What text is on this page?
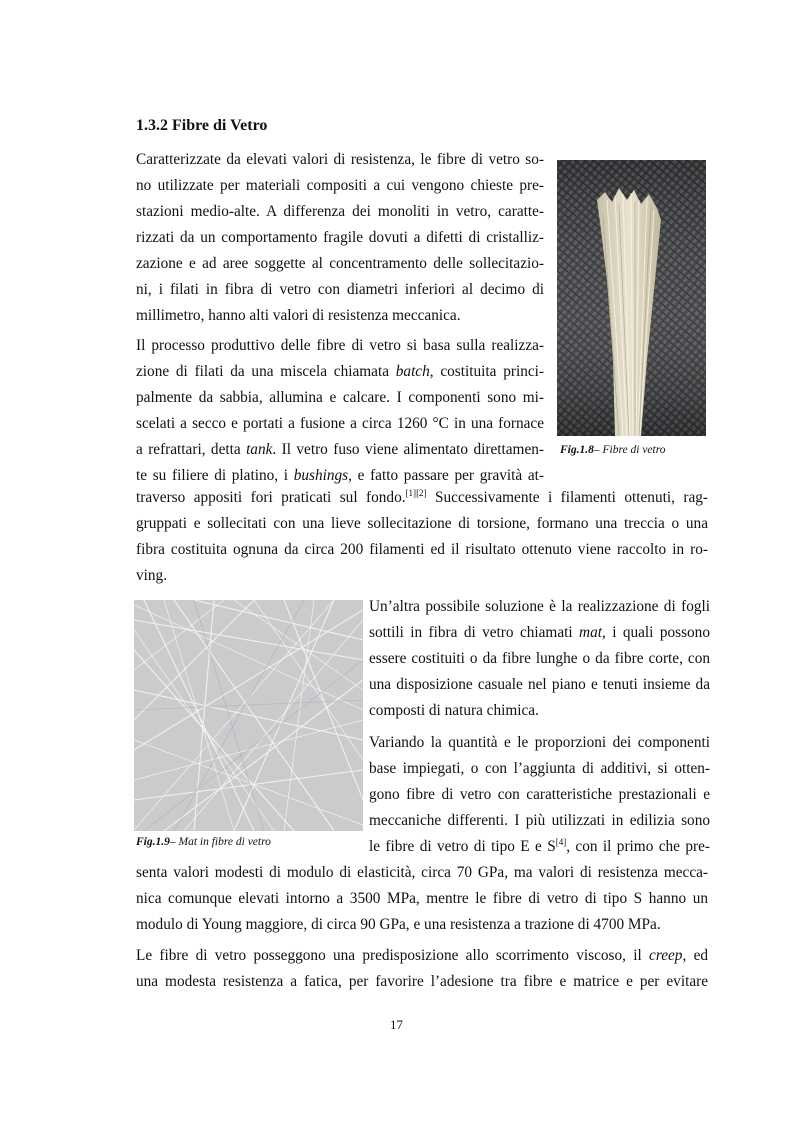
1.3.2 Fibre di Vetro
Caratterizzate da elevati valori di resistenza, le fibre di vetro so-
no utilizzate per materiali compositi a cui vengono chieste pre-
stazioni medio-alte. A differenza dei monoliti in vetro, caratte-
rizzati da un comportamento fragile dovuti a difetti di cristalliz-
zazione e ad aree soggette al concentramento delle sollecitazio-
ni, i filati in fibra di vetro con diametri inferiori al decimo di
millimetro, hanno alti valori di resistenza meccanica.
Fig.1.8– Fibre di vetro
Il processo produttivo delle fibre di vetro si basa sulla realizza-
zione di filati da una miscela chiamata batch, costituita princi-
palmente da sabbia, allumina e calcare. I componenti sono mi-
scelati a secco e portati a fusione a circa 1260 °C in una fornace
a refrattari, detta tank. Il vetro fuso viene alimentato direttamen-
te su filiere di platino, i bushings, e fatto passare per gravità at-
traverso appositi fori praticati sul fondo.[1][2] Successivamente i filamenti ottenuti, rag-
gruppati e sollecitati con una lieve sollecitazione di torsione, formano una treccia o una
fibra costituita ognuna da circa 200 filamenti ed il risultato ottenuto viene raccolto in ro-
ving.
Fig.1.9– Mat in fibre di vetro
Un’altra possibile soluzione è la realizzazione di fogli
sottili in fibra di vetro chiamati mat, i quali possono
essere costituiti o da fibre lunghe o da fibre corte, con
una disposizione casuale nel piano e tenuti insieme da
composti di natura chimica.
Variando la quantità e le proporzioni dei componenti
base impiegati, o con l’aggiunta di additivi, si otten-
gono fibre di vetro con caratteristiche prestazionali e
meccaniche differenti. I più utilizzati in edilizia sono
le fibre di vetro di tipo E e S[4], con il primo che pre-
senta valori modesti di modulo di elasticità, circa 70 GPa, ma valori di resistenza mecca-
nica comunque elevati intorno a 3500 MPa, mentre le fibre di vetro di tipo S hanno un
modulo di Young maggiore, di circa 90 GPa, e una resistenza a trazione di 4700 MPa.
Le fibre di vetro posseggono una predisposizione allo scorrimento viscoso, il creep, ed
una modesta resistenza a fatica, per favorire l’adesione tra fibre e matrice e per evitare
17
